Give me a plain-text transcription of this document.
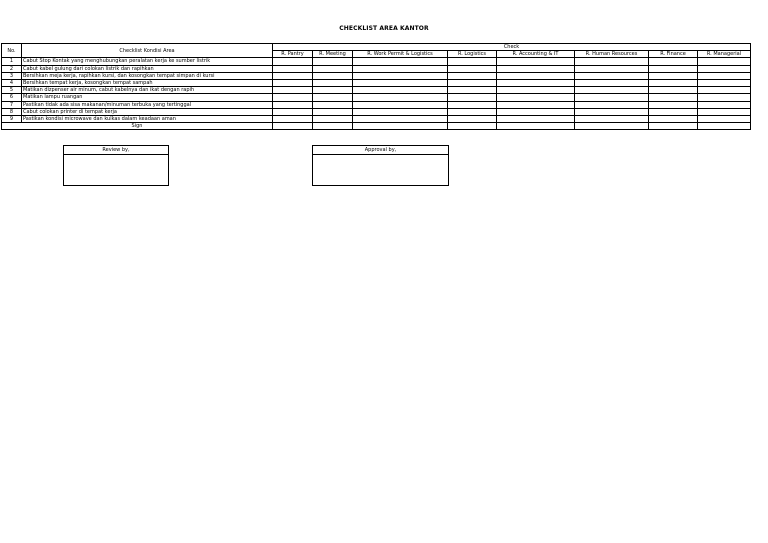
CHECKLIST AREA KANTOR
No.	Checklist Kondisi Area	Check							
		R. Pantry	R. Meeting	R. Work Permit & Logistics	R. Logistics	R. Accounting & IT	R. Human Resources	R. Finance	R. Managerial
1	Cabut Stop Kontak yang menghubungkan peralatan kerja ke sumber listrik								
2	Cabut kabel gulung dari colokan listrik dan rapihkan								
3	Bersihkan meja kerja, rapihkan kursi, dan kosongkan tempat simpan di kursi								
4	Bersihkan tempat kerja, kosongkan tempat sampah								
5	Matikan dizpenser air minum, cabut kabelnya dan ikat dengan rapih								
6	Matikan lampu ruangan								
7	Pastikan tidak ada sisa makanan/minuman terbuka yang tertinggal								
8	Cabut colokan printer di tempat kerja								
9	Pastikan kondisi microwave dan kulkas dalam keadaan aman								
Sign									
Review by,	Approval by,
